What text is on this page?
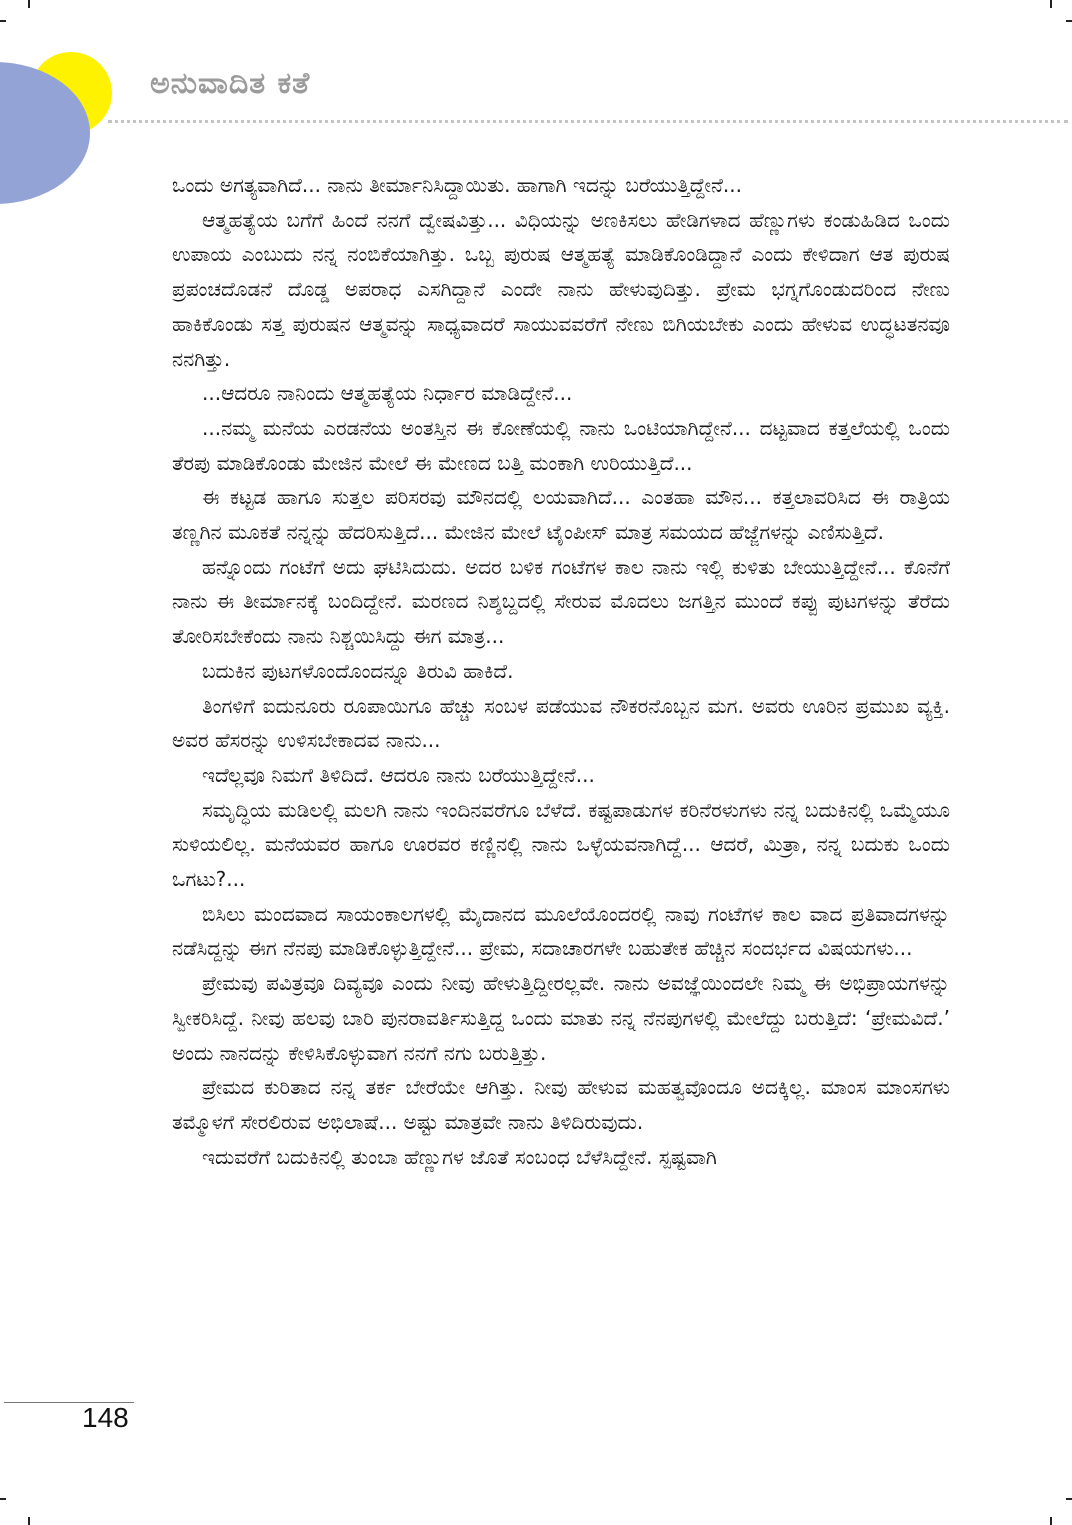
ಅನುವಾದಿತ ಕತೆ

ಒಂದು ಅಗತ್ಯವಾಗಿದೆ... ನಾನು ತೀರ್ಮಾನಿಸಿದ್ದಾಯಿತು. ಹಾಗಾಗಿ ಇದನ್ನು ಬರೆಯುತ್ತಿದ್ದೇನೆ...

ಆತ್ಮಹತ್ಯೆಯ ಬಗೆಗೆ ಹಿಂದೆ ನನಗೆ ದ್ವೇಷವಿತ್ತು... ವಿಧಿಯನ್ನು ಅಣಕಿಸಲು ಹೇಡಿಗಳಾದ ಹೆಣ್ಣುಗಳು ಕಂಡುಹಿಡಿದ ಒಂದು ಉಪಾಯ ಎಂಬುದು ನನ್ನ ನಂಬಿಕೆಯಾಗಿತ್ತು. ಒಬ್ಬ ಪುರುಷ ಆತ್ಮಹತ್ಯೆ ಮಾಡಿಕೊಂಡಿದ್ದಾನೆ ಎಂದು ಕೇಳಿದಾಗ ಆತ ಪುರುಷ ಪ್ರಪಂಚದೊಡನೆ ದೊಡ್ಡ ಅಪರಾಧ ಎಸಗಿದ್ದಾನೆ ಎಂದೇ ನಾನು ಹೇಳುವುದಿತ್ತು. ಪ್ರೇಮ ಭಗ್ನಗೊಂಡುದರಿಂದ ನೇಣು ಹಾಕಿಕೊಂಡು ಸತ್ತ ಪುರುಷನ ಆತ್ಮವನ್ನು ಸಾಧ್ಯವಾದರೆ ಸಾಯುವವರೆಗೆ ನೇಣು ಬಿಗಿಯಬೇಕು ಎಂದು ಹೇಳುವ ಉದ್ಧಟತನವೂ ನನಗಿತ್ತು.

...ಆದರೂ ನಾನಿಂದು ಆತ್ಮಹತ್ಯೆಯ ನಿರ್ಧಾರ ಮಾಡಿದ್ದೇನೆ...

...ನಮ್ಮ ಮನೆಯ ಎರಡನೆಯ ಅಂತಸ್ತಿನ ಈ ಕೋಣೆಯಲ್ಲಿ ನಾನು ಒಂಟಿಯಾಗಿದ್ದೇನೆ... ದಟ್ಟವಾದ ಕತ್ತಲೆಯಲ್ಲಿ ಒಂದು ತೆರಪು ಮಾಡಿಕೊಂಡು ಮೇಜಿನ ಮೇಲೆ ಈ ಮೇಣದ ಬತ್ತಿ ಮಂಕಾಗಿ ಉರಿಯುತ್ತಿದೆ...

ಈ ಕಟ್ಟಡ ಹಾಗೂ ಸುತ್ತಲ ಪರಿಸರವು ಮೌನದಲ್ಲಿ ಲಯವಾಗಿದೆ... ಎಂತಹಾ ಮೌನ... ಕತ್ತಲಾವರಿಸಿದ ಈ ರಾತ್ರಿಯ ತಣ್ಣಗಿನ ಮೂಕತೆ ನನ್ನನ್ನು ಹೆದರಿಸುತ್ತಿದೆ... ಮೇಜಿನ ಮೇಲೆ ಟೈಂಪೀಸ್ ಮಾತ್ರ ಸಮಯದ ಹೆಜ್ಜೆಗಳನ್ನು ಎಣಿಸುತ್ತಿದೆ.

ಹನ್ನೊಂದು ಗಂಟೆಗೆ ಅದು ಘಟಿಸಿದುದು. ಅದರ ಬಳಿಕ ಗಂಟೆಗಳ ಕಾಲ ನಾನು ಇಲ್ಲಿ ಕುಳಿತು ಬೇಯುತ್ತಿದ್ದೇನೆ... ಕೊನೆಗೆ ನಾನು ಈ ತೀರ್ಮಾನಕ್ಕೆ ಬಂದಿದ್ದೇನೆ. ಮರಣದ ನಿಶ್ಶಬ್ದದಲ್ಲಿ ಸೇರುವ ಮೊದಲು ಜಗತ್ತಿನ ಮುಂದೆ ಕಪ್ಪು ಪುಟಗಳನ್ನು ತೆರೆದು ತೋರಿಸಬೇಕೆಂದು ನಾನು ನಿಶ್ಚಯಿಸಿದ್ದು ಈಗ ಮಾತ್ರ...

ಬದುಕಿನ ಪುಟಗಳೊಂದೊಂದನ್ನೂ ತಿರುವಿ ಹಾಕಿದೆ.

ತಿಂಗಳಿಗೆ ಐದುನೂರು ರೂಪಾಯಿಗೂ ಹೆಚ್ಚು ಸಂಬಳ ಪಡೆಯುವ ನೌಕರನೊಬ್ಬನ ಮಗ. ಅವರು ಊರಿನ ಪ್ರಮುಖ ವ್ಯಕ್ತಿ. ಅವರ ಹೆಸರನ್ನು ಉಳಿಸಬೇಕಾದವ ನಾನು...

ಇದೆಲ್ಲವೂ ನಿಮಗೆ ತಿಳಿದಿದೆ. ಆದರೂ ನಾನು ಬರೆಯುತ್ತಿದ್ದೇನೆ...

ಸಮೃದ್ಧಿಯ ಮಡಿಲಲ್ಲಿ ಮಲಗಿ ನಾನು ಇಂದಿನವರೆಗೂ ಬೆಳೆದೆ. ಕಷ್ಟಪಾಡುಗಳ ಕರಿನೆರಳುಗಳು ನನ್ನ ಬದುಕಿನಲ್ಲಿ ಒಮ್ಮೆಯೂ ಸುಳಿಯಲಿಲ್ಲ. ಮನೆಯವರ ಹಾಗೂ ಊರವರ ಕಣ್ಣಿನಲ್ಲಿ ನಾನು ಒಳ್ಳೆಯವನಾಗಿದ್ದೆ... ಆದರೆ, ಮಿತ್ರಾ, ನನ್ನ ಬದುಕು ಒಂದು ಒಗಟು?...

ಬಿಸಿಲು ಮಂದವಾದ ಸಾಯಂಕಾಲಗಳಲ್ಲಿ ಮೈದಾನದ ಮೂಲೆಯೊಂದರಲ್ಲಿ ನಾವು ಗಂಟೆಗಳ ಕಾಲ ವಾದ ಪ್ರತಿವಾದಗಳನ್ನು ನಡೆಸಿದ್ದನ್ನು ಈಗ ನೆನಪು ಮಾಡಿಕೊಳ್ಳುತ್ತಿದ್ದೇನೆ... ಪ್ರೇಮ, ಸದಾಚಾರಗಳೇ ಬಹುತೇಕ ಹೆಚ್ಚಿನ ಸಂದರ್ಭದ ವಿಷಯಗಳು...

ಪ್ರೇಮವು ಪವಿತ್ರವೂ ದಿವ್ಯವೂ ಎಂದು ನೀವು ಹೇಳುತ್ತಿದ್ದೀರಲ್ಲವೇ. ನಾನು ಅವಜ್ಞೆಯಿಂದಲೇ ನಿಮ್ಮ ಈ ಅಭಿಪ್ರಾಯಗಳನ್ನು ಸ್ವೀಕರಿಸಿದ್ದೆ. ನೀವು ಹಲವು ಬಾರಿ ಪುನರಾವರ್ತಿಸುತ್ತಿದ್ದ ಒಂದು ಮಾತು ನನ್ನ ನೆನಪುಗಳಲ್ಲಿ ಮೇಲೆದ್ದು ಬರುತ್ತಿದೆ: ‘ಪ್ರೇಮವಿದೆ.’ ಅಂದು ನಾನದನ್ನು ಕೇಳಿಸಿಕೊಳ್ಳುವಾಗ ನನಗೆ ನಗು ಬರುತ್ತಿತ್ತು.

ಪ್ರೇಮದ ಕುರಿತಾದ ನನ್ನ ತರ್ಕ ಬೇರೆಯೇ ಆಗಿತ್ತು. ನೀವು ಹೇಳುವ ಮಹತ್ವವೊಂದೂ ಅದಕ್ಕಿಲ್ಲ. ಮಾಂಸ ಮಾಂಸಗಳು ತಮ್ಮೊಳಗೆ ಸೇರಲಿರುವ ಅಭಿಲಾಷೆ... ಅಷ್ಟು ಮಾತ್ರವೇ ನಾನು ತಿಳಿದಿರುವುದು.

ಇದುವರೆಗೆ ಬದುಕಿನಲ್ಲಿ ತುಂಬಾ ಹೆಣ್ಣುಗಳ ಜೊತೆ ಸಂಬಂಧ ಬೆಳೆಸಿದ್ದೇನೆ. ಸ್ಪಷ್ಟವಾಗಿ

148
